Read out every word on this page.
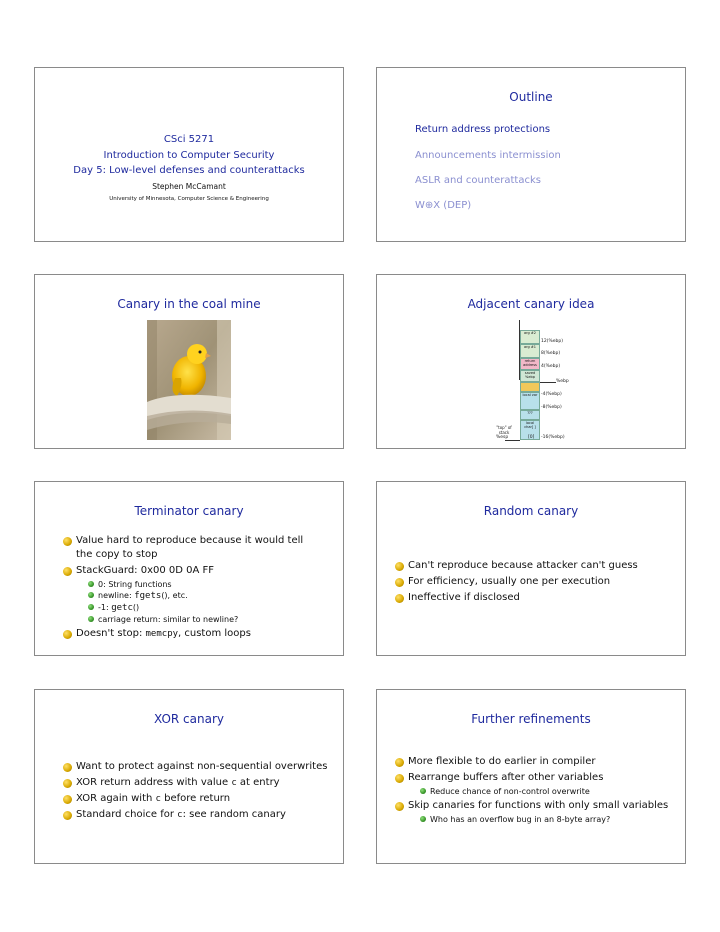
CSci 5271
Introduction to Computer Security
Day 5: Low-level defenses and counterattacks
Stephen McCamant
University of Minnesota, Computer Science & Engineering
Outline
Return address protections
Announcements intermission
ASLR and counterattacks
W⊕X (DEP)
Canary in the coal mine	Adjacent canary idea
arg #2
arg #1
return address
saved %ebp
local var
???
local char[ ]
[0]
12(%ebp)
8(%ebp)
4(%ebp)
%ebp
-4(%ebp)
-8(%ebp)
-16(%ebp)
"top" of stack
%esp
Terminator canary
Value hard to reproduce because it would tell the copy to stop
StackGuard: 0x00 0D 0A FF
0: String functions
newline: fgets(), etc.
-1: getc()
carriage return: similar to newline?
Doesn't stop: memcpy, custom loops
Random canary
Can't reproduce because attacker can't guess
For efficiency, usually one per execution
Ineffective if disclosed
XOR canary
Want to protect against non-sequential overwrites
XOR return address with value c at entry
XOR again with c before return
Standard choice for c: see random canary
Further refinements
More flexible to do earlier in compiler
Rearrange buffers after other variables
Reduce chance of non-control overwrite
Skip canaries for functions with only small variables
Who has an overflow bug in an 8-byte array?
